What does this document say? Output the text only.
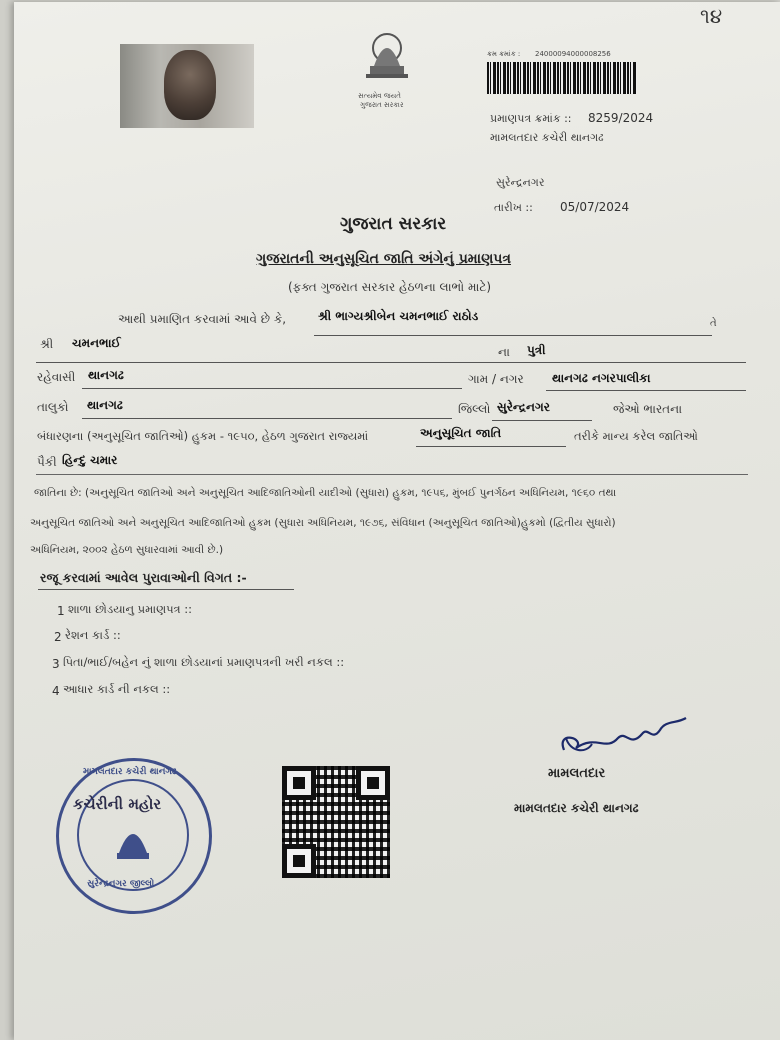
૧૪
સત્યમેવ જયતે
ગુજરાત સરકાર
ક્રમ ક્રમાંક : 24000094000008256
પ્રમાણપત્ર ક્રમાંક :: 8259/2024
મામલતદાર કચેરી થાનગઢ
સુરેન્દ્રનગર
તારીખ :: 05/07/2024
ગુજરાત સરકાર
ગુજરાતની અનુસૂચિત જાતિ અંગેનું પ્રમાણપત્ર
(ફક્ત ગુજરાત સરકાર હેઠળના લાભો માટે)
આથી પ્રમાણિત કરવામાં આવે છે કે,	શ્રી ભાગ્યશ્રીબેન ચમનભાઈ રાઠોડ
તે
શ્રી ચમનભાઈ
ના પુત્રી
રહેવાસી થાનગઢ	ગામ / નગર થાનગઢ નગરપાલીકા
તાલુકો થાનગઢ	જિલ્લો સુરેન્દ્રનગર	જેઓ ભારતના
બંધારણના (અનુસૂચિત જાતિઓ) હુકમ - ૧૯૫૦, હેઠળ ગુજરાત રાજ્યમાં	અનુસૂચિત જાતિ	તરીકે માન્ય કરેલ જાતિઓ
પૈકી હિન્દુ ચમાર
જાતિના છે: (અનુસૂચિત જાતિઓ અને અનુસૂચિત આદિજાતિઓની યાદીઓ (સુધારા) હુકમ, ૧૯૫૬, મુંબઈ પુનર્ગઠન અધિનિયમ, ૧૯૬૦ તથા
અનુસૂચિત જાતિઓ અને અનુસૂચિત આદિજાતિઓ હુકમ (સુધારા અધિનિયમ, ૧૯૭૬, સંવિધાન (અનુસૂચિત જાતિઓ)હુકમો (દ્વિતીય સુધારો)
અધિનિયમ, ૨૦૦૨ હેઠળ સુધારવામાં આવી છે.)
રજૂ કરવામાં આવેલ પુરાવાઓની વિગત :-
1 શાળા છોડયાનુ પ્રમાણપત્ર ::
2 રેશન કાર્ડ ::
3 પિતા/ભાઈ/બહેન નું શાળા છોડયાનાં પ્રમાણપત્રની ખરી નકલ ::
4 આધાર કાર્ડ ની નકલ ::
મામલતદાર
મામલતદાર કચેરી થાનગઢ
મામલતદાર કચેરી થાનગઢ
કચેરીની મહોર
સુરેન્દ્રનગર જીલ્લો
